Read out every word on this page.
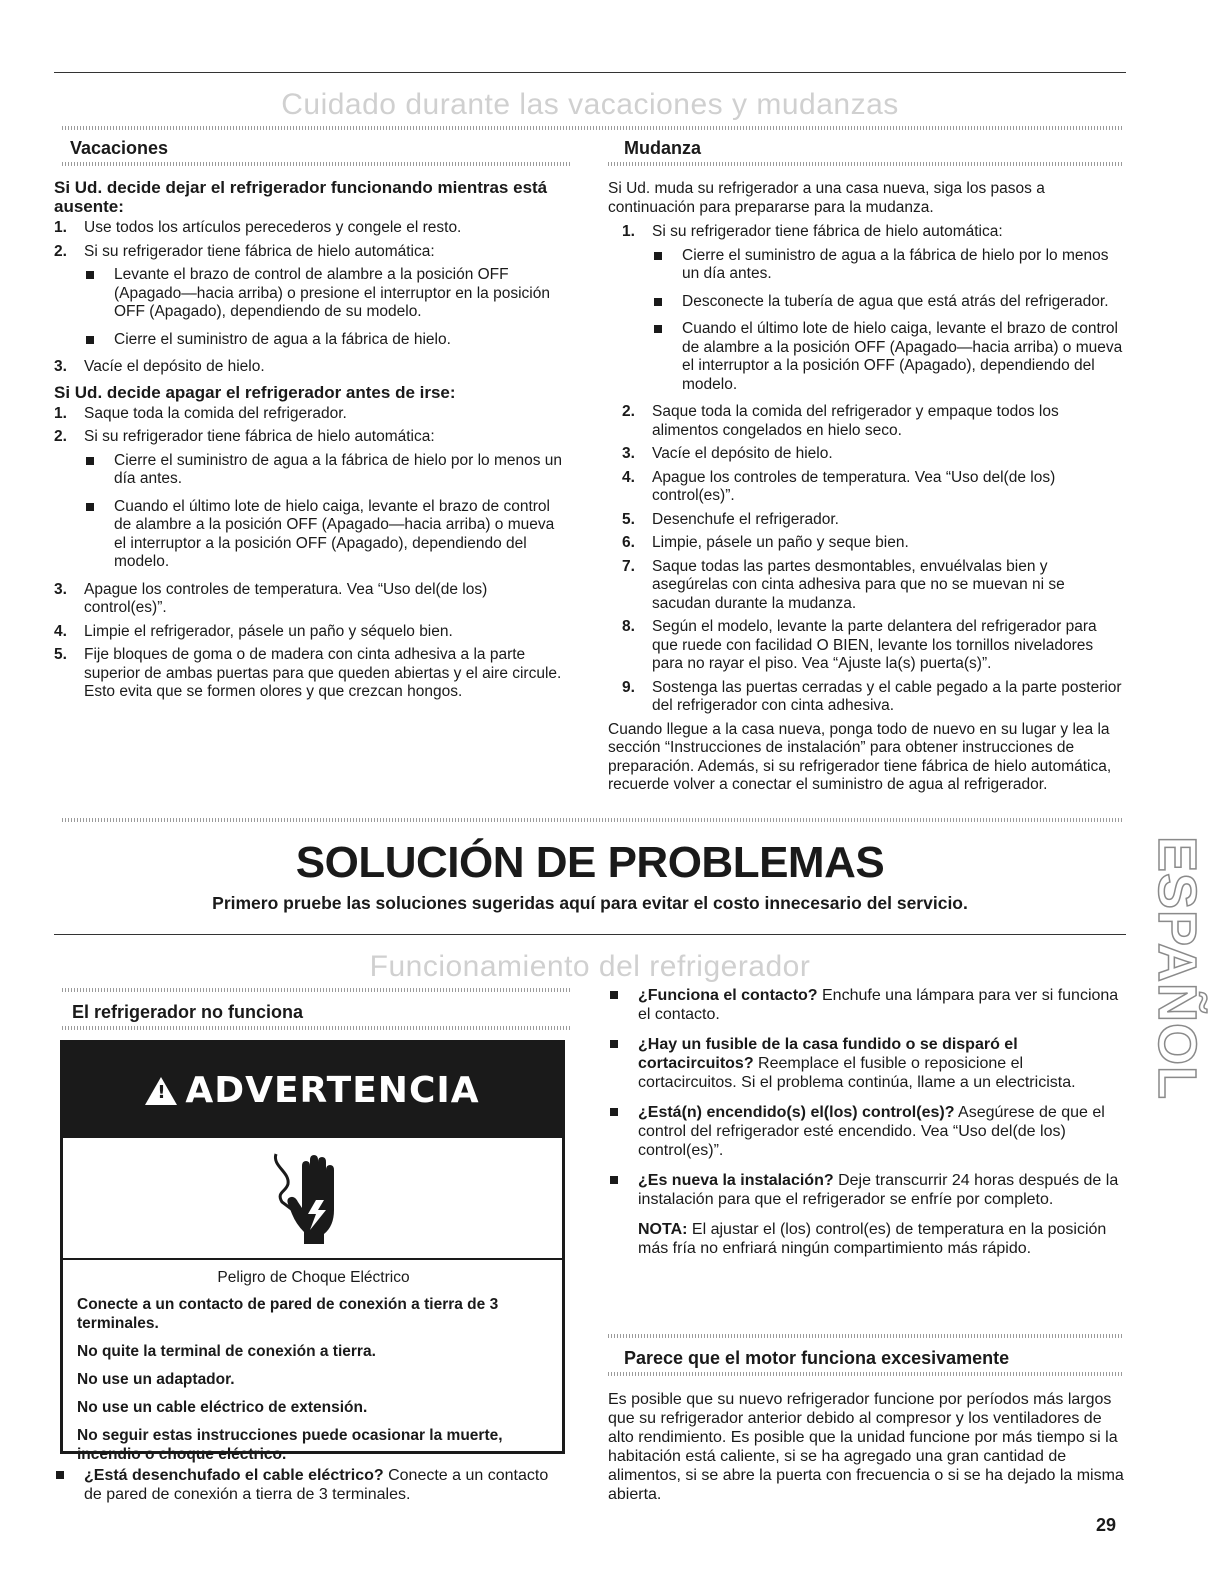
Cuidado durante las vacaciones y mudanzas
Vacaciones
Si Ud. decide dejar el refrigerador funcionando mientras está ausente:
1. Use todos los artículos perecederos y congele el resto.
2. Si su refrigerador tiene fábrica de hielo automática:
Levante el brazo de control de alambre a la posición OFF (Apagado—hacia arriba) o presione el interruptor en la posición OFF (Apagado), dependiendo de su modelo.
Cierre el suministro de agua a la fábrica de hielo.
3. Vacíe el depósito de hielo.
Si Ud. decide apagar el refrigerador antes de irse:
1. Saque toda la comida del refrigerador.
2. Si su refrigerador tiene fábrica de hielo automática:
Cierre el suministro de agua a la fábrica de hielo por lo menos un día antes.
Cuando el último lote de hielo caiga, levante el brazo de control de alambre a la posición OFF (Apagado—hacia arriba) o mueva el interruptor a la posición OFF (Apagado), dependiendo del modelo.
3. Apague los controles de temperatura. Vea “Uso del(de los) control(es)”.
4. Limpie el refrigerador, pásele un paño y séquelo bien.
5. Fije bloques de goma o de madera con cinta adhesiva a la parte superior de ambas puertas para que queden abiertas y el aire circule. Esto evita que se formen olores y que crezcan hongos.
Mudanza

Si Ud. muda su refrigerador a una casa nueva, siga los pasos a continuación para prepararse para la mudanza.

1. Si su refrigerador tiene fábrica de hielo automática:
Cierre el suministro de agua a la fábrica de hielo por lo menos un día antes.
Desconecte la tubería de agua que está atrás del refrigerador.
Cuando el último lote de hielo caiga, levante el brazo de control de alambre a la posición OFF (Apagado—hacia arriba) o mueva el interruptor a la posición OFF (Apagado), dependiendo del modelo.
2. Saque toda la comida del refrigerador y empaque todos los alimentos congelados en hielo seco.
3. Vacíe el depósito de hielo.
4. Apague los controles de temperatura. Vea “Uso del(de los) control(es)”.
5. Desenchufe el refrigerador.
6. Limpie, pásele un paño y seque bien.
7. Saque todas las partes desmontables, envuélvalas bien y asegúrelas con cinta adhesiva para que no se muevan ni se sacudan durante la mudanza.
8. Según el modelo, levante la parte delantera del refrigerador para que ruede con facilidad O BIEN, levante los tornillos niveladores para no rayar el piso. Vea “Ajuste la(s) puerta(s)”.
9. Sostenga las puertas cerradas y el cable pegado a la parte posterior del refrigerador con cinta adhesiva.

Cuando llegue a la casa nueva, ponga todo de nuevo en su lugar y lea la sección “Instrucciones de instalación” para obtener instrucciones de preparación. Además, si su refrigerador tiene fábrica de hielo automática, recuerde volver a conectar el suministro de agua al refrigerador.

SOLUCIÓN DE PROBLEMAS

Primero pruebe las soluciones sugeridas aquí para evitar el costo innecesario del servicio.	ESPAÑOL
Funcionamiento del refrigerador
El refrigerador no funciona
!
ADVERTENCIA

Peligro de Choque Eléctrico

Conecte a un contacto de pared de conexión a tierra de 3 terminales.

No quite la terminal de conexión a tierra.

No use un adaptador.

No use un cable eléctrico de extensión.

No seguir estas instrucciones puede ocasionar la muerte, incendio o choque eléctrico.

¿Está desenchufado el cable eléctrico? Conecte a un contacto de pared de conexión a tierra de 3 terminales.
¿Funciona el contacto? Enchufe una lámpara para ver si funciona el contacto.
¿Hay un fusible de la casa fundido o se disparó el cortacircuitos? Reemplace el fusible o reposicione el cortacircuitos. Si el problema continúa, llame a un electricista.
¿Está(n) encendido(s) el(los) control(es)? Asegúrese de que el control del refrigerador esté encendido. Vea “Uso del(de los) control(es)”.
¿Es nueva la instalación? Deje transcurrir 24 horas después de la instalación para que el refrigerador se enfríe por completo.

NOTA: El ajustar el (los) control(es) de temperatura en la posición más fría no enfriará ningún compartimiento más rápido.

Parece que el motor funciona excesivamente

Es posible que su nuevo refrigerador funcione por períodos más largos que su refrigerador anterior debido al compresor y los ventiladores de alto rendimiento. Es posible que la unidad funcione por más tiempo si la habitación está caliente, si se ha agregado una gran cantidad de alimentos, si se abre la puerta con frecuencia o si se ha dejado la misma abierta.

29
